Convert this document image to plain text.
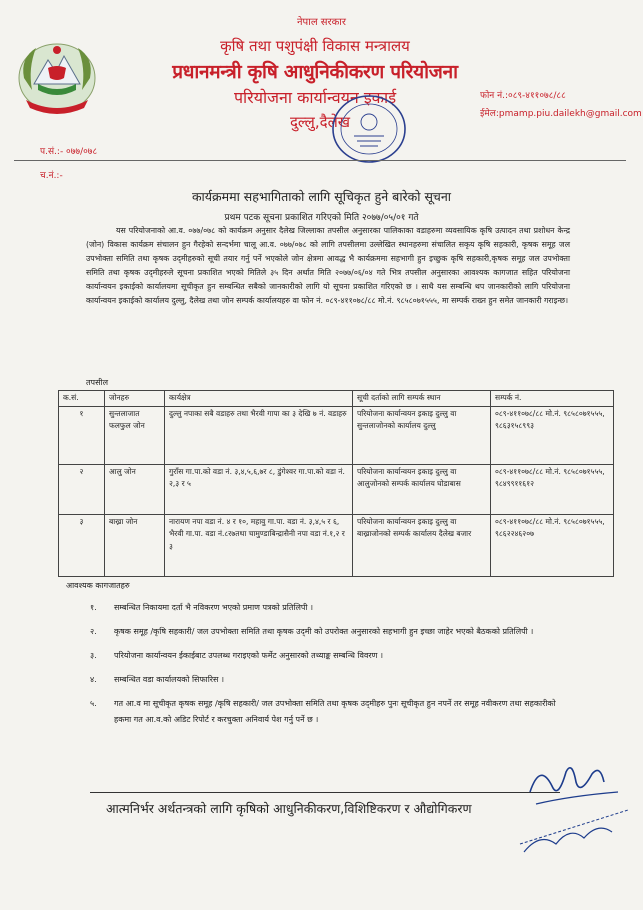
नेपाल सरकार
कृषि तथा पशुपंक्षी विकास मन्त्रालय
प्रधानमन्त्री कृषि आधुनिकीकरण परियोजना
परियोजना कार्यान्वयन इकाई
दुल्लु,दैलेख
फोन नं.:०८९-४११०७८/८८
ईमेल:pmamp.piu.dailekh@gmail.com
प.सं.:- ०७७/०७८
च.नं.:-
कार्यक्रममा सहभागिताको लागि सूचिकृत हुने बारेको सूचना
प्रथम पटक सूचना प्रकाशित गरिएको मिति २०७७/०५/०१ गते
यस परियोजनाको आ.व. ०७७/०७८ को कार्यक्रम अनुसार दैलेख जिल्लाका तपसील अनुसारका पालिकाका वडाहरुमा व्यवसायिक कृषि उत्पादन तथा प्रशोधन केन्द्र (जोन) विकास कार्यक्रम संचालन हुन गैरहेको सन्दर्भमा चालू आ.व. ०७७/०७८ को लागि तपसीलमा उल्लेखित स्थानहरुमा संचालित सकृय कृषि सहकारी, कृषक समूह जल उपभोक्ता समिति तथा कृषक उद्‌मीहरुको सूची तयार गर्नु पर्ने भएकोले जोन क्षेत्रमा आवद्ध भै कार्यक्रममा सहभागी हुन इच्छुक कृषि सहकारी,कृषक समूह जल उपभोक्ता समिति तथा कृषक उद्‌मीहरुले सूचना प्रकाशित भएको मितिले ३५ दिन अर्थात मिति २०७७/०६/०४ गते भित्र तपसील अनुसारका आवश्यक कागजात सहित परियोजना कार्यान्वयन इकाईको कार्यालयमा सूचीकृत हुन सम्बन्धित सबैको जानकारीको लागि यो सूचना प्रकाशित गरिएको छ । साथै यस सम्बन्धि थप जानकारीको लागि परियोजना कार्यान्वयन इकाईको कार्यालय दुल्लु, दैलेख तथा जोन सम्पर्क कार्यालयहरु वा फोन नं. ०८९-४११०७८/८८ मो.नं. ९८५८०७१५५५, मा सम्पर्क राख्न हुन समेत जानकारी गराइन्छ।
तपसील
क.सं.	जोनहरु	कार्यक्षेत्र	सूची दर्ताको लागि सम्पर्क स्थान	सम्पर्क नं.
१	सुन्तलाजात फलफुल जोन	दुल्लु नपाका सबै वडाहरु तथा भैरवी गापा का ३ देखि ७ नं. वडाहरु	परियोजना कार्यान्वयन इकाइ दुल्लु वा सुन्तलाजोनको कार्यालय दुल्लु	०८९-४११०७८/८८ मो.नं. ९८५८०७१५५५, ९८६३१५८९९३
२	आलु जोन	गुराँस गा.पा.को वडा नं. ३,४,५,६,७र ८, डुंगेश्वर गा.पा.को वडा नं. २,३ र ५	परियोजना कार्यान्वयन इकाइ दुल्लु वा आलुजोनको सम्पर्क कार्यालय घोडाबास	०८९-४११०७८/८८ मो.नं. ९८५८०७१५५५, ९८४९९११६१२
३	बाख्रा जोन	नारायण नपा वडा नं. ४ र १०, महावु गा.पा. वडा नं. ३,४,५ र ६, भैरवी गा.पा. वडा नं.८र७तथा चामुण्डाबिन्द्रासैनी नपा वडा नं.१,२ र ३	परियोजना कार्यान्वयन इकाइ दुल्लु वा बाख्राजोनको सम्पर्क कार्यालय दैलेख बजार	०८९-४११०७८/८८ मो.नं. ९८५८०७१५५५, ९८६२२४६२०७
आवश्यक कागजातहरु
१. सम्बन्धित निकायमा दर्ता भै नविकरण भएको प्रमाण पत्रको प्रतिलिपी ।
२. कृषक समूह /कृषि सहकारी/ जल उपभोक्ता समिति तथा कृषक उद्‌मी को उपरोक्त अनुसारको सहभागी हुन इच्छा जाहेर भएको बैठकको प्रतिलिपी ।
३. परियोजना कार्यान्वयन ईकाईबाट उपलब्ध गराइएको फर्मेट अनुसारको तथ्याङ्क सम्बन्धि विवरण ।
४. सम्बन्धित वडा कार्यालयको सिफारिस ।
५. गत आ.व मा सूचीकृत कृषक समूह /कृषि सहकारी/ जल उपभोक्ता समिति तथा कृषक उद्‌मीहरु पुनः सूचीकृत हुन नपर्ने तर समूह नवीकरण तथा सहकारीको हकमा गत आ.व.को अडिट रिपोर्ट र करचुक्ता अनिवार्य पेश गर्नु पर्ने छ ।
आत्मनिर्भर अर्थतन्त्रको लागि कृषिको आधुनिकीकरण,विशिष्टिकरण र औद्योगिकरण
